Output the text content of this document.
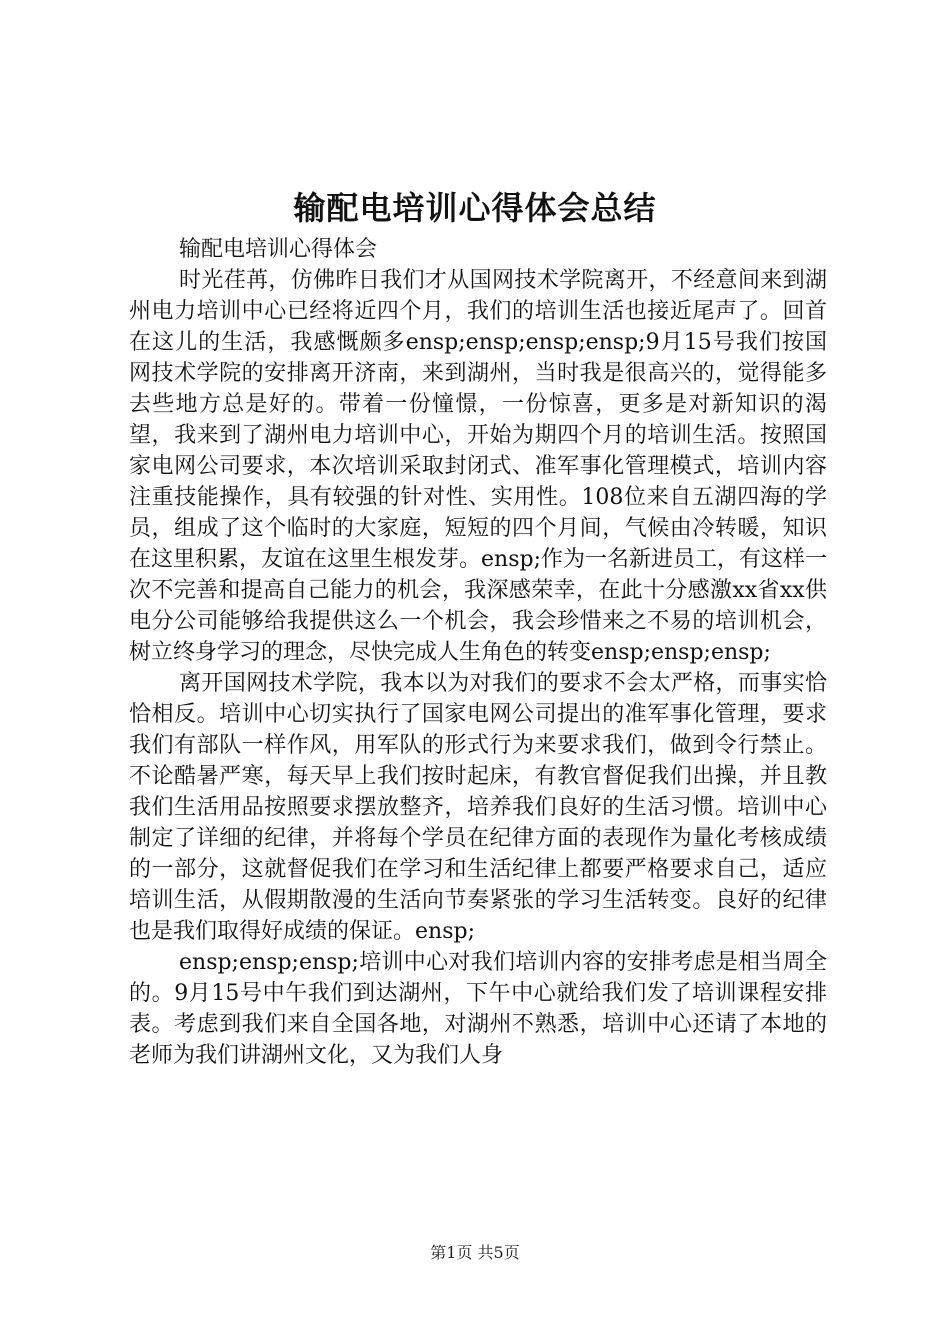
输配电培训心得体会总结

输配电培训心得体会

时光荏苒，仿佛昨日我们才从国网技术学院离开，不经意间来到湖州电力培训中心已经将近四个月，我们的培训生活也接近尾声了。回首在这儿的生活，我感慨颇多ensp;ensp;ensp;ensp;9月15号我们按国网技术学院的安排离开济南，来到湖州，当时我是很高兴的，觉得能多去些地方总是好的。带着一份憧憬，一份惊喜，更多是对新知识的渴望，我来到了湖州电力培训中心，开始为期四个月的培训生活。按照国家电网公司要求，本次培训采取封闭式、准军事化管理模式，培训内容注重技能操作，具有较强的针对性、实用性。108位来自五湖四海的学员，组成了这个临时的大家庭，短短的四个月间，气候由冷转暖，知识在这里积累，友谊在这里生根发芽。ensp;作为一名新进员工，有这样一次不完善和提高自己能力的机会，我深感荣幸，在此十分感激xx省xx供电分公司能够给我提供这么一个机会，我会珍惜来之不易的培训机会，树立终身学习的理念，尽快完成人生角色的转变ensp;ensp;ensp;

离开国网技术学院，我本以为对我们的要求不会太严格，而事实恰恰相反。培训中心切实执行了国家电网公司提出的准军事化管理，要求我们有部队一样作风，用军队的形式行为来要求我们，做到令行禁止。不论酷暑严寒，每天早上我们按时起床，有教官督促我们出操，并且教我们生活用品按照要求摆放整齐，培养我们良好的生活习惯。培训中心制定了详细的纪律，并将每个学员在纪律方面的表现作为量化考核成绩的一部分，这就督促我们在学习和生活纪律上都要严格要求自己，适应培训生活，从假期散漫的生活向节奏紧张的学习生活转变。良好的纪律也是我们取得好成绩的保证。ensp;

ensp;ensp;ensp;培训中心对我们培训内容的安排考虑是相当周全的。9月15号中午我们到达湖州，下午中心就给我们发了培训课程安排表。考虑到我们来自全国各地，对湖州不熟悉，培训中心还请了本地的老师为我们讲湖州文化，又为我们人身

第1页 共5页
